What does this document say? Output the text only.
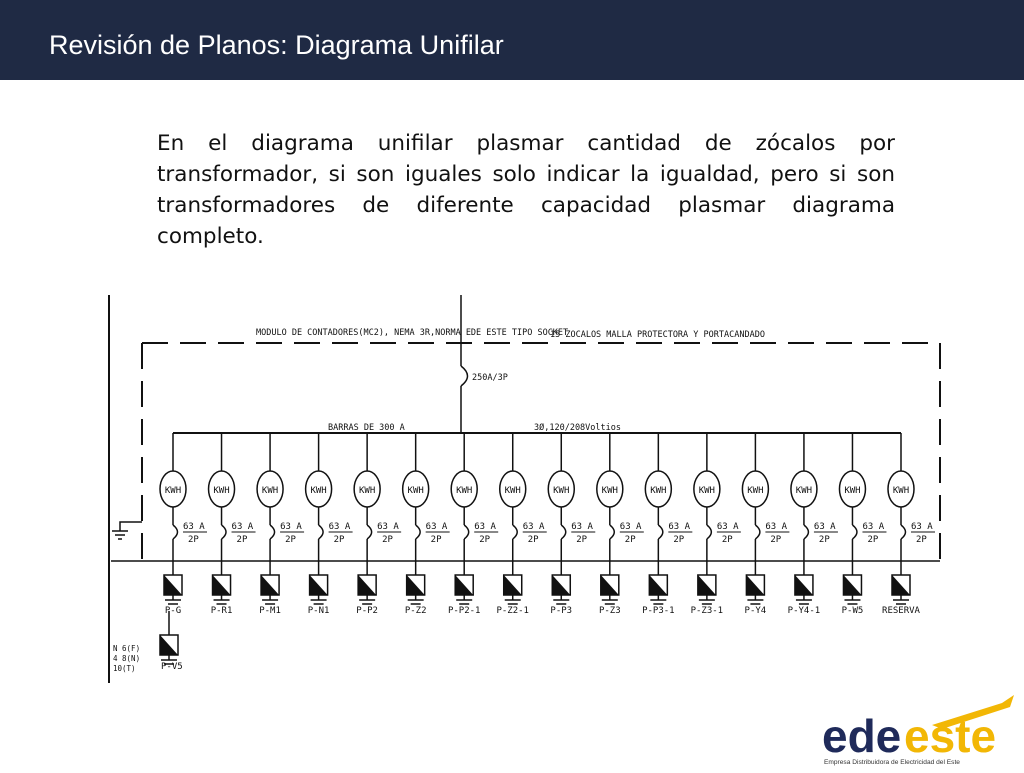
Revisión de Planos: Diagrama Unifilar
En el diagrama unifilar plasmar cantidad de zócalos por transformador, si son iguales solo indicar la igualdad, pero si son transformadores de diferente capacidad plasmar diagrama completo.
MODULO DE CONTADORES(MC2), NEMA 3R,NORMA EDE ESTE TIPO SOCKET
15 ZOCALOS MALLA PROTECTORA Y PORTACANDADO
250A/3P
BARRAS DE 300 A	3Ø,120/208Voltios
P-V5
N 6(F)
4 8(N)
10(T)
KWH
63 A
2P
P-G
KWH
63 A
2P
P-R1
KWH
63 A
2P
P-M1
KWH
63 A
2P
P-N1
KWH
63 A
2P
P-P2
KWH
63 A
2P
P-Z2
KWH
63 A
2P
P-P2-1
KWH
63 A
2P
P-Z2-1
KWH
63 A
2P
P-P3
KWH
63 A
2P
P-Z3
KWH
63 A
2P
P-P3-1
KWH
63 A
2P
P-Z3-1
KWH
63 A
2P
P-Y4
KWH
63 A
2P
P-Y4-1
KWH
63 A
2P
P-W5
KWH
63 A
2P
RESERVA
ede este
Empresa Distribuidora de Electricidad del Este
